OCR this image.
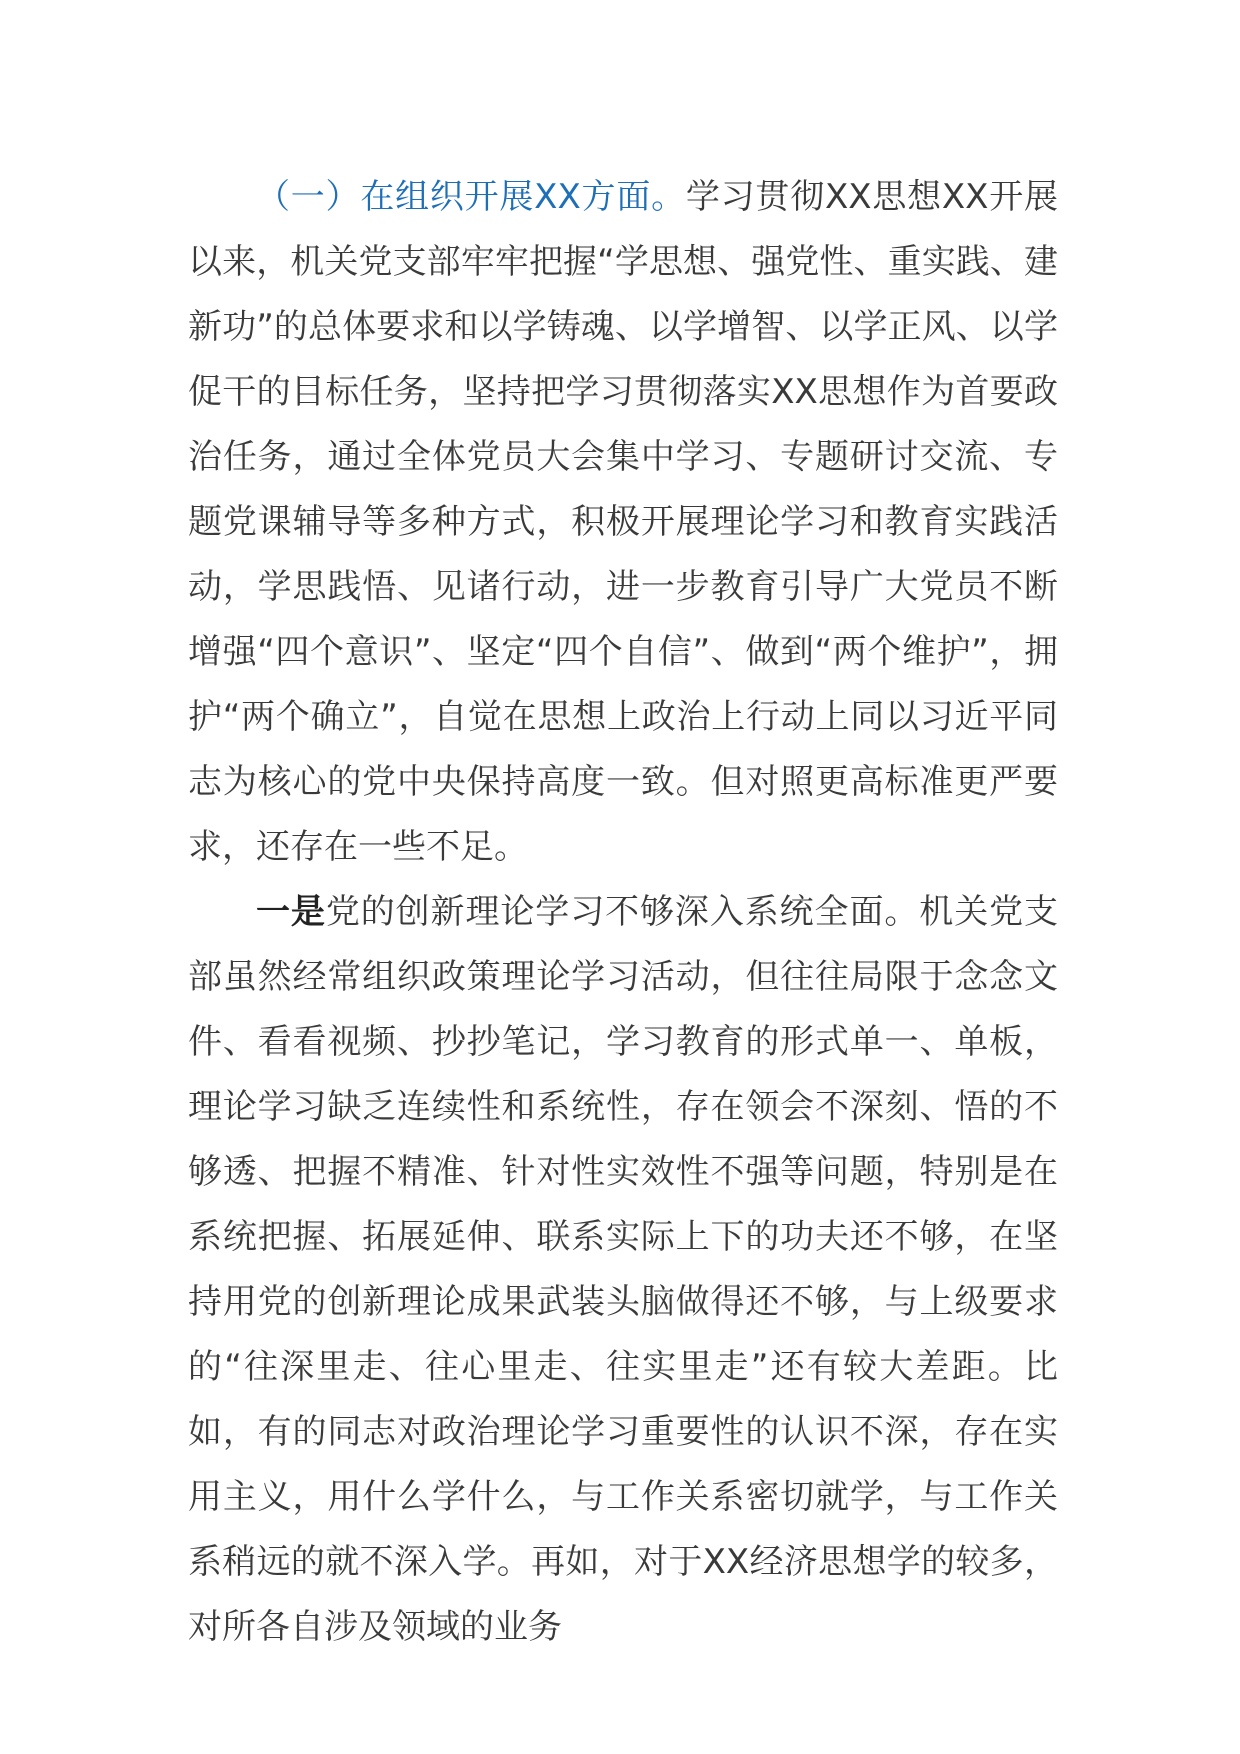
（一）在组织开展XX方面。学习贯彻XX思想XX开展以来，机关党支部牢牢把握“学思想、强党性、重实践、建新功”的总体要求和以学铸魂、以学增智、以学正风、以学促干的目标任务，坚持把学习贯彻落实XX思想作为首要政治任务，通过全体党员大会集中学习、专题研讨交流、专题党课辅导等多种方式，积极开展理论学习和教育实践活动，学思践悟、见诸行动，进一步教育引导广大党员不断增强“四个意识”、坚定“四个自信”、做到“两个维护”，拥护“两个确立”，自觉在思想上政治上行动上同以习近平同志为核心的党中央保持高度一致。但对照更高标准更严要求，还存在一些不足。

一是党的创新理论学习不够深入系统全面。机关党支部虽然经常组织政策理论学习活动，但往往局限于念念文件、看看视频、抄抄笔记，学习教育的形式单一、单板，理论学习缺乏连续性和系统性，存在领会不深刻、悟的不够透、把握不精准、针对性实效性不强等问题，特别是在系统把握、拓展延伸、联系实际上下的功夫还不够，在坚持用党的创新理论成果武装头脑做得还不够，与上级要求的“往深里走、往心里走、往实里走”还有较大差距。比如，有的同志对政治理论学习重要性的认识不深，存在实用主义，用什么学什么，与工作关系密切就学，与工作关系稍远的就不深入学。再如，对于XX经济思想学的较多，对所各自涉及领域的业务
